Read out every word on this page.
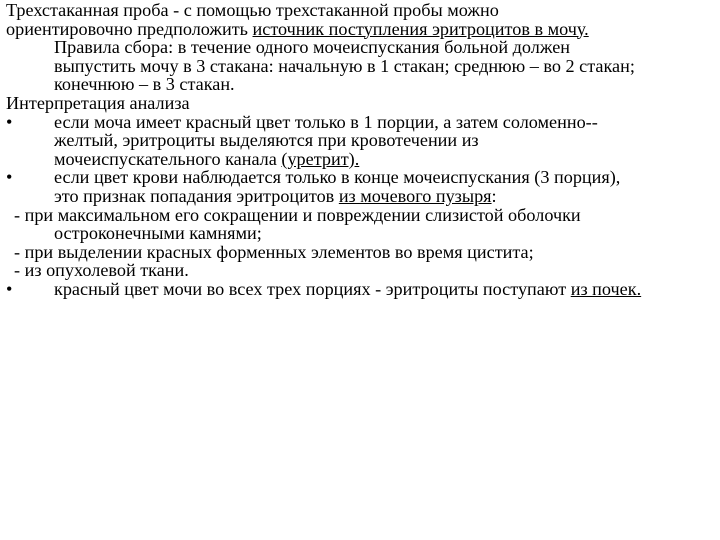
Трехстаканная проба - с помощью трехстаканной пробы можно
ориентировочно предположить источник поступления эритроцитов в мочу.
Правила сбора: в течение одного мочеиспускания больной должен
выпустить мочу в 3 стакана: начальную в 1 стакан; среднюю – во 2 стакан;
конечнюю – в 3 стакан.
Интерпретация анализа
• если моча имеет красный цвет только в 1 порции, а затем соломенно--
желтый, эритроциты выделяются при кровотечении из
мочеиспускательного канала (уретрит).
• если цвет крови наблюдается только в конце мочеиспускания (3 порция),
это признак попадания эритроцитов из мочевого пузыря:
- при максимальном его сокращении и повреждении слизистой оболочки
остроконечными камнями;
- при выделении красных форменных элементов во время цистита;
- из опухолевой ткани.
• красный цвет мочи во всех трех порциях - эритроциты поступают из почек.
